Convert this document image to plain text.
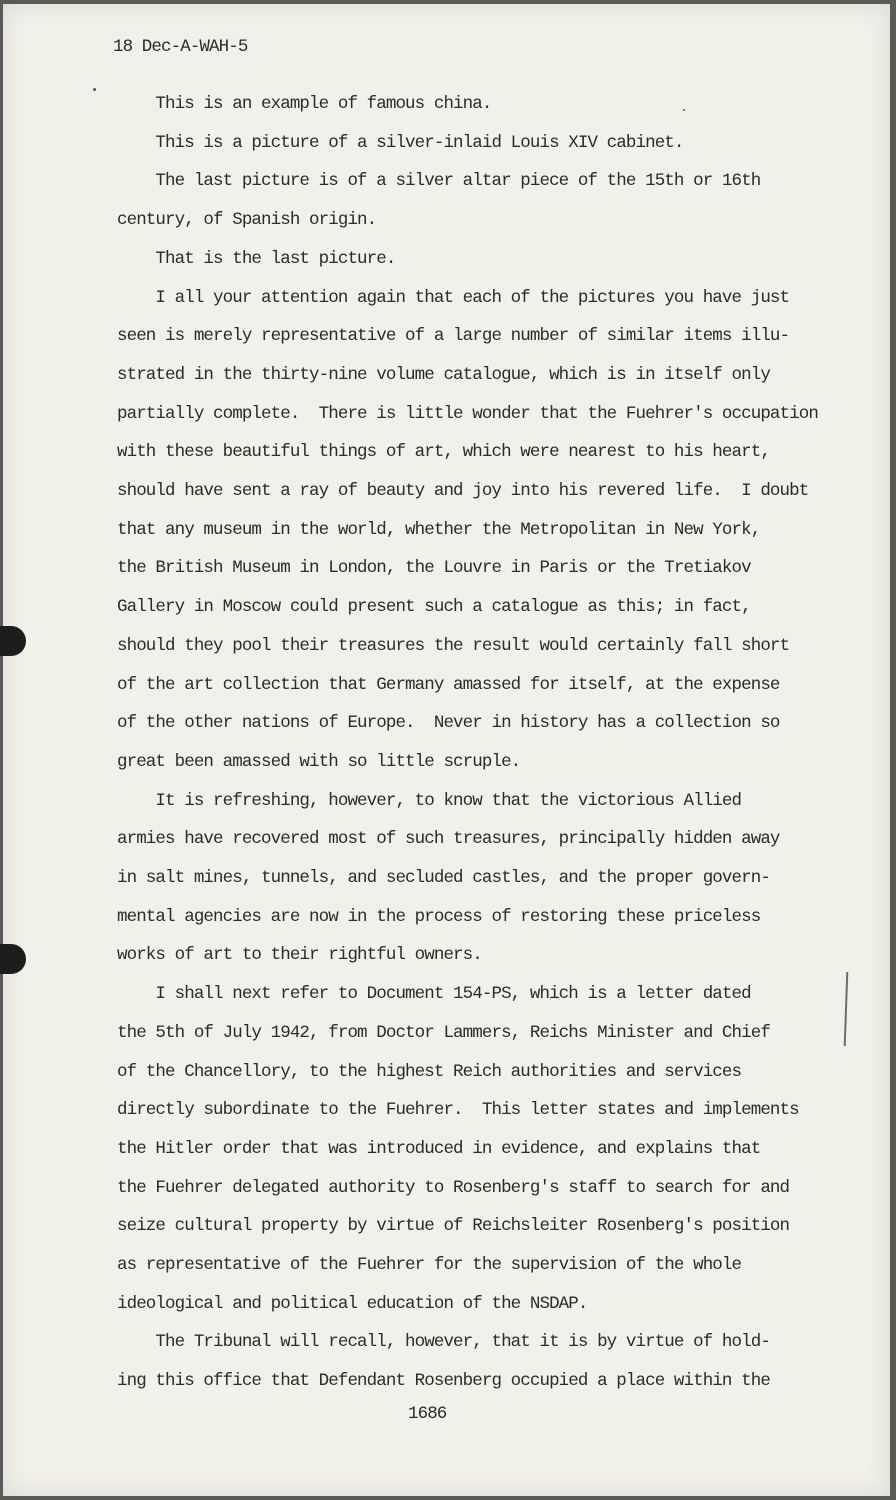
18 Dec-A-WAH-5
This is an example of famous china.
This is a picture of a silver-inlaid Louis XIV cabinet.
The last picture is of a silver altar piece of the 15th or 16th
century, of Spanish origin.
That is the last picture.
I all your attention again that each of the pictures you have just
seen is merely representative of a large number of similar items illu-
strated in the thirty-nine volume catalogue, which is in itself only
partially complete.  There is little wonder that the Fuehrer's occupation
with these beautiful things of art, which were nearest to his heart,
should have sent a ray of beauty and joy into his revered life.  I doubt
that any museum in the world, whether the Metropolitan in New York,
the British Museum in London, the Louvre in Paris or the Tretiakov
Gallery in Moscow could present such a catalogue as this; in fact,
should they pool their treasures the result would certainly fall short
of the art collection that Germany amassed for itself, at the expense
of the other nations of Europe.  Never in history has a collection so
great been amassed with so little scruple.
It is refreshing, however, to know that the victorious Allied
armies have recovered most of such treasures, principally hidden away
in salt mines, tunnels, and secluded castles, and the proper govern-
mental agencies are now in the process of restoring these priceless
works of art to their rightful owners.
I shall next refer to Document 154-PS, which is a letter dated
the 5th of July 1942, from Doctor Lammers, Reichs Minister and Chief
of the Chancellory, to the highest Reich authorities and services
directly subordinate to the Fuehrer.  This letter states and implements
the Hitler order that was introduced in evidence, and explains that
the Fuehrer delegated authority to Rosenberg's staff to search for and
seize cultural property by virtue of Reichsleiter Rosenberg's position
as representative of the Fuehrer for the supervision of the whole
ideological and political education of the NSDAP.
The Tribunal will recall, however, that it is by virtue of hold-
ing this office that Defendant Rosenberg occupied a place within the
1686
